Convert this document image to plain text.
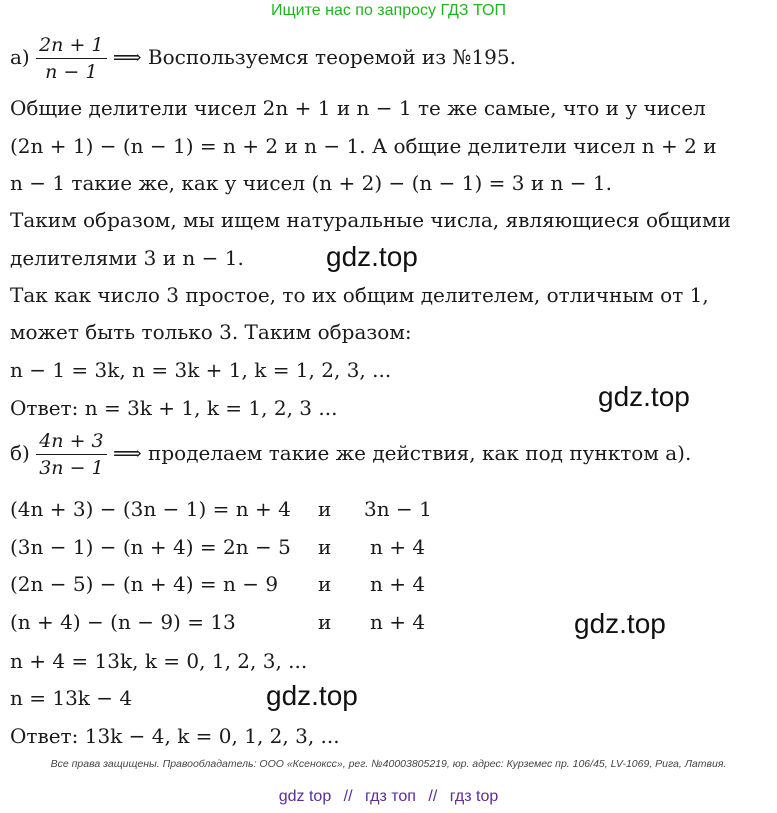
Ищите нас по запросу ГДЗ ТОП
$а) \frac{2n + 1}{n - 1}$ ⟹ Воспользуемся теоремой из №195.
Общие делители чисел 2n + 1 и n − 1 те же самые, что и у чисел
(2n + 1) − (n − 1) = n + 2 и n − 1. А общие делители чисел n + 2 и
n − 1 такие же, как у чисел (n + 2) − (n − 1) = 3 и n − 1.
Таким образом, мы ищем натуральные числа, являющиеся общими
делителями 3 и n − 1.
Так как число 3 простое, то их общим делителем, отличным от 1,
может быть только 3. Таким образом:
n − 1 = 3k, n = 3k + 1, k = 1, 2, 3, ...
Ответ: n = 3k + 1, k = 1, 2, 3 ...
$б) \frac{4n + 3}{3n - 1}$ ⟹ проделаем такие же действия, как под пунктом а).
(4n + 3) − (3n − 1) = n + 4 и 3n − 1
(3n − 1) − (n + 4) = 2n − 5 и n + 4
(2n − 5) − (n + 4) = n − 9 и n + 4
(n + 4) − (n − 9) = 13	и n + 4
n + 4 = 13k, k = 0, 1, 2, 3, ...
n = 13k − 4
Ответ: 13k − 4, k = 0, 1, 2, 3, ...
gdz.top
gdz.top
gdz.top
gdz.top
Все права защищены. Правообладатель: ООО «Ксеноксс», рег. №40003805219, юр. адрес: Курземес пр. 106/45, LV-1069, Рига, Латвия.
gdz top // гдз топ // гдз top
